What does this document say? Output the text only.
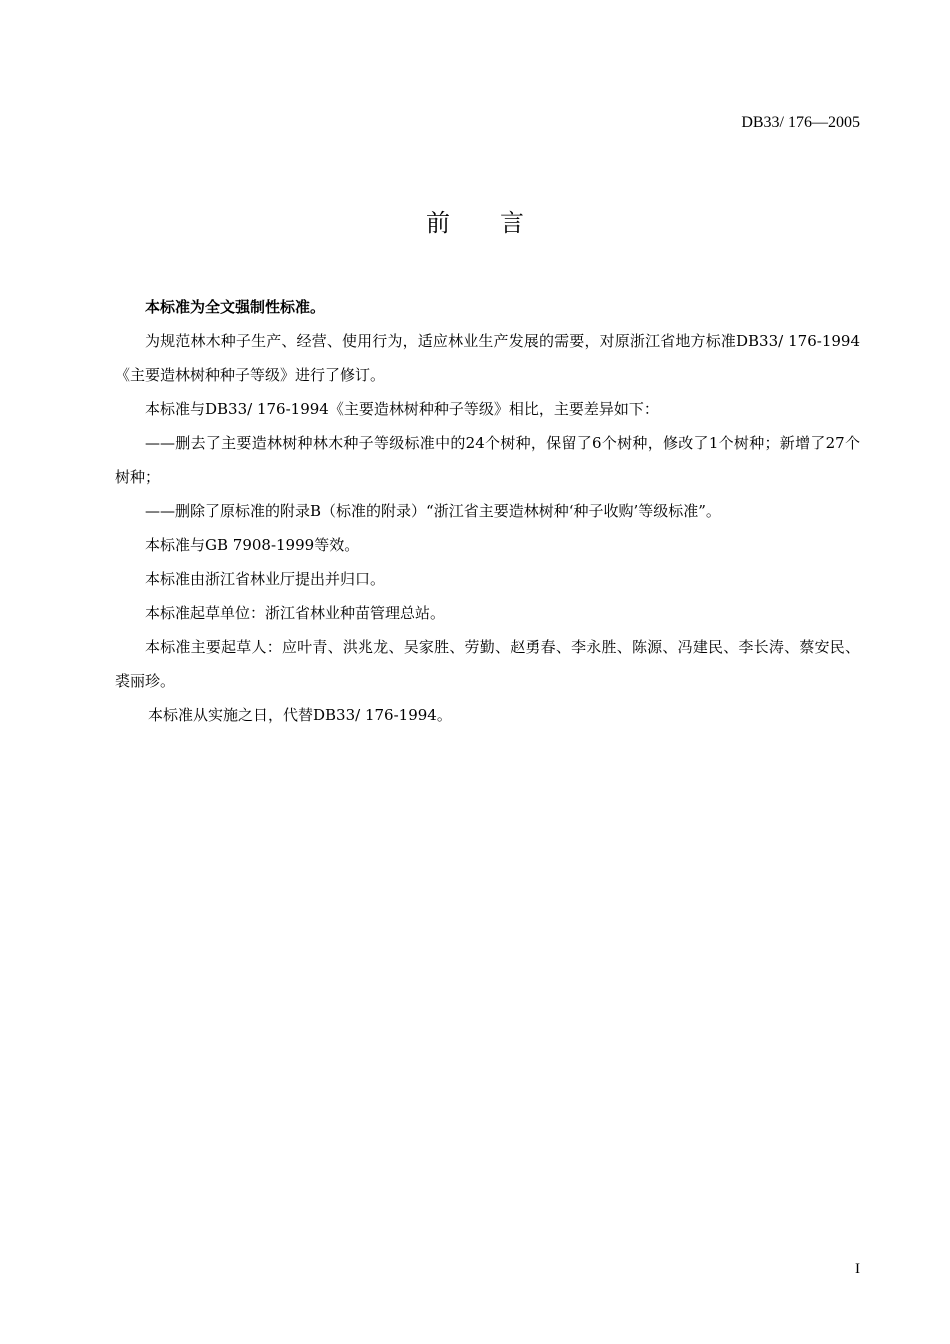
DB33/ 176—2005
前言

本标准为全文强制性标准。

为规范林木种子生产、经营、使用行为，适应林业生产发展的需要，对原浙江省地方标准DB33/ 176-1994《主要造林树种种子等级》进行了修订。

本标准与DB33/ 176-1994《主要造林树种种子等级》相比，主要差异如下：

——删去了主要造林树种林木种子等级标准中的24个树种，保留了6个树种，修改了1个树种；新增了27个树种；

——删除了原标准的附录B（标准的附录）“浙江省主要造林树种‘种子收购’等级标准”。

本标准与GB 7908-1999等效。

本标准由浙江省林业厅提出并归口。

本标准起草单位：浙江省林业种苗管理总站。

本标准主要起草人：应叶青、洪兆龙、吴家胜、劳勤、赵勇春、李永胜、陈源、冯建民、李长涛、蔡安民、裘丽珍。

本标准从实施之日，代替DB33/ 176-1994。

I
